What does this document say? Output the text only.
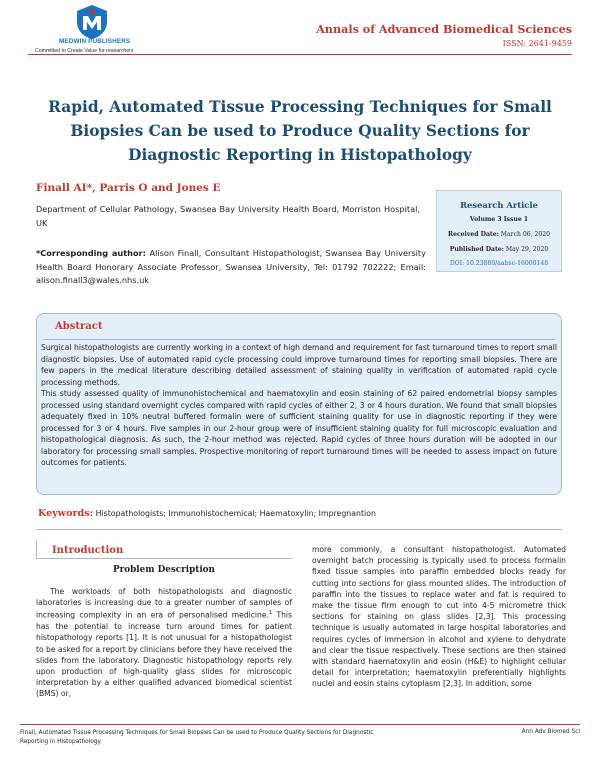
MEDWIN PUBLISHERS
Committed to Create Value for researchers
Annals of Advanced Biomedical Sciences
ISSN: 2641-9459
Rapid, Automated Tissue Processing Techniques for Small Biopsies Can be used to Produce Quality Sections for Diagnostic Reporting in Histopathology
Finall AI*, Parris O and Jones E
Department of Cellular Pathology, Swansea Bay University Health Board, Morriston Hospital, UK
*Corresponding author: Alison Finall, Consultant Histopathologist, Swansea Bay University Health Board Honorary Associate Professor, Swansea University, Tel: 01792 702222; Email: alison.finall3@wales.nhs.uk
Research Article
Volume 3 Issue 1
Received Date: March 06, 2020
Published Date: May 29, 2020
DOI: 10.23880/aabsc-16000148
Abstract

Surgical histopathologists are currently working in a context of high demand and requirement for fast turnaround times to report small diagnostic biopsies. Use of automated rapid cycle processing could improve turnaround times for reporting small biopsies. There are few papers in the medical literature describing detailed assessment of staining quality in verification of automated rapid cycle processing methods.

This study assessed quality of immunohistochemical and haematoxylin and eosin staining of 62 paired endometrial biopsy samples processed using standard overnight cycles compared with rapid cycles of either 2, 3 or 4 hours duration. We found that small biopsies adequately fixed in 10% neutral buffered formalin were of sufficient staining quality for use in diagnostic reporting if they were processed for 3 or 4 hours. Five samples in our 2-hour group were of insufficient staining quality for full microscopic evaluation and histopathological diagnosis. As such, the 2-hour method was rejected. Rapid cycles of three hours duration will be adopted in our laboratory for processing small samples. Prospective monitoring of report turnaround times will be needed to assess impact on future outcomes for patients.

Keywords: Histopathologists; Immunohistochemical; Haematoxylin; Impregnantion
Introduction
Problem Description
The workloads of both histopathologists and diagnostic laboratories is increasing due to a greater number of samples of increasing complexity in an era of personalised medicine.$^1$ This has the potential to increase turn around times for patient histopathology reports [1]. It is not unusual for a histopathologist to be asked for a report by clinicians before they have received the slides from the laboratory. Diagnostic histopathology reports rely upon production of high-quality glass slides for microscopic interpretation by a either qualified advanced biomedical scientist (BMS) or,
more commonly, a consultant histopathologist. Automated overnight batch processing is typically used to process formalin fixed tissue samples into paraffin embedded blocks ready for cutting into sections for glass mounted slides. The introduction of paraffin into the tissues to replace water and fat is required to make the tissue firm enough to cut into 4-5 micrometre thick sections for staining on glass slides [2,3]. This processing technique is usually automated in large hospital laboratories and requires cycles of immersion in alcohol and xylene to dehydrate and clear the tissue respectively. These sections are then stained with standard haematoxylin and eosin (H&E) to highlight cellular detail for interpretation; haematoxylin preferentially highlights nuclei and eosin stains cytoplasm [2,3]. In addition, some
Finall, Automated Tissue Processing Techniques for Small Biopsies Can be used to Produce Quality Sections for Diagnostic Reporting in Histopathology
Ann Adv Biomed Sci
